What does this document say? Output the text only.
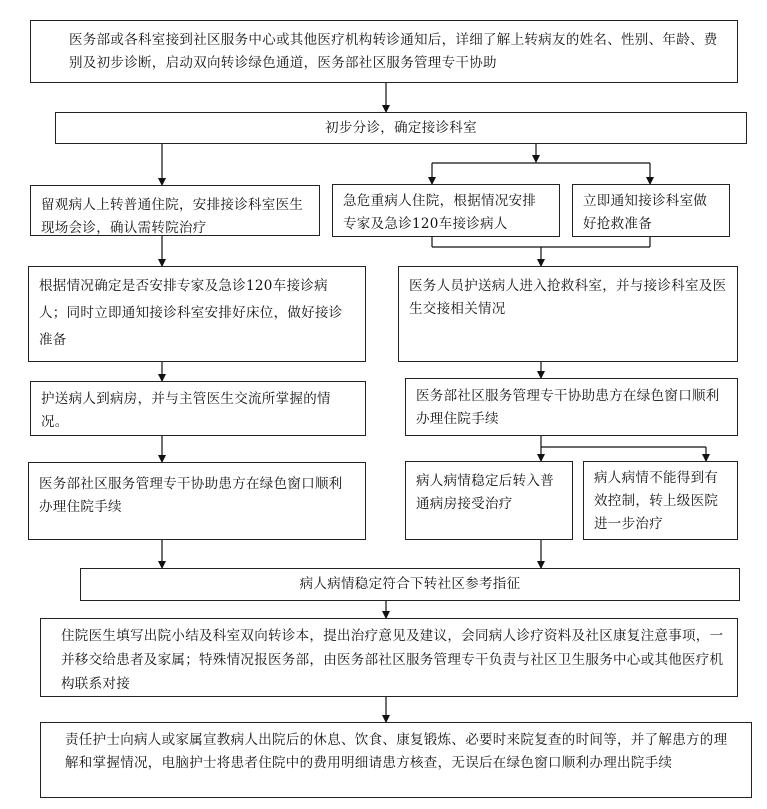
医务部或各科室接到社区服务中心或其他医疗机构转诊通知后，详细了解上转病友的姓名、性别、年龄、费别及初步诊断，启动双向转诊绿色通道，医务部社区服务管理专干协助
初步分诊，确定接诊科室
留观病人上转普通住院，安排接诊科室医生现场会诊，确认需转院治疗
急危重病人住院，根据情况安排专家及急诊120车接诊病人
立即通知接诊科室做好抢救准备
根据情况确定是否安排专家及急诊120车接诊病人；同时立即通知接诊科室安排好床位，做好接诊准备
医务人员护送病人进入抢救科室，并与接诊科室及医生交接相关情况
护送病人到病房，并与主管医生交流所掌握的情况。
医务部社区服务管理专干协助患方在绿色窗口顺利办理住院手续
医务部社区服务管理专干协助患方在绿色窗口顺利办理住院手续
病人病情稳定后转入普通病房接受治疗
病人病情不能得到有效控制，转上级医院进一步治疗
病人病情稳定符合下转社区参考指征
住院医生填写出院小结及科室双向转诊本，提出治疗意见及建议，会同病人诊疗资料及社区康复注意事项，一并移交给患者及家属；特殊情况报医务部，由医务部社区服务管理专干负责与社区卫生服务中心或其他医疗机构联系对接
责任护士向病人或家属宣教病人出院后的休息、饮食、康复锻炼、必要时来院复查的时间等，并了解患方的理解和掌握情况，电脑护士将患者住院中的费用明细请患方核查，无误后在绿色窗口顺利办理出院手续
